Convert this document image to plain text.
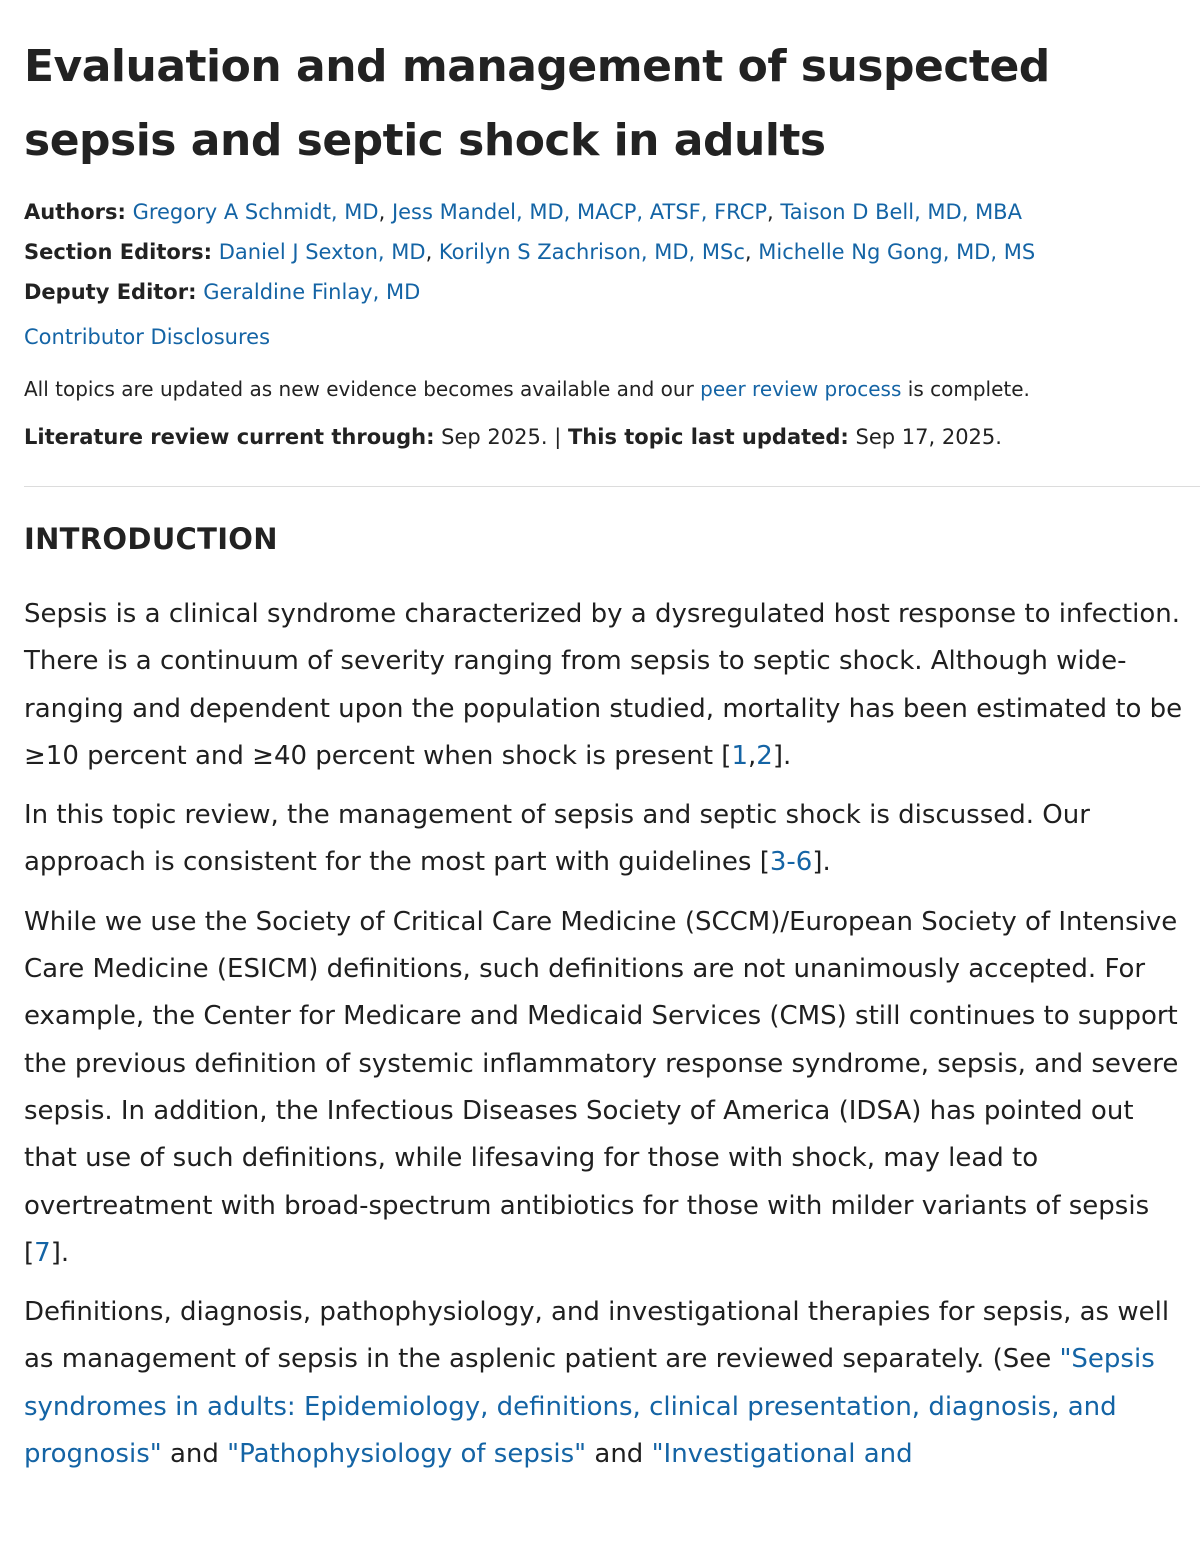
Evaluation and management of suspected sepsis and septic shock in adults
Authors: Gregory A Schmidt, MD, Jess Mandel, MD, MACP, ATSF, FRCP, Taison D Bell, MD, MBA
Section Editors: Daniel J Sexton, MD, Korilyn S Zachrison, MD, MSc, Michelle Ng Gong, MD, MS
Deputy Editor: Geraldine Finlay, MD
Contributor Disclosures
All topics are updated as new evidence becomes available and our peer review process is complete.
Literature review current through: Sep 2025. | This topic last updated: Sep 17, 2025.
INTRODUCTION

Sepsis is a clinical syndrome characterized by a dysregulated host response to infection. There is a continuum of severity ranging from sepsis to septic shock. Although wide-ranging and dependent upon the population studied, mortality has been estimated to be ≥10 percent and ≥40 percent when shock is present [1,2].

In this topic review, the management of sepsis and septic shock is discussed. Our approach is consistent for the most part with guidelines [3-6].

While we use the Society of Critical Care Medicine (SCCM)/European Society of Intensive Care Medicine (ESICM) definitions, such definitions are not unanimously accepted. For example, the Center for Medicare and Medicaid Services (CMS) still continues to support the previous definition of systemic inflammatory response syndrome, sepsis, and severe sepsis. In addition, the Infectious Diseases Society of America (IDSA) has pointed out that use of such definitions, while lifesaving for those with shock, may lead to overtreatment with broad-spectrum antibiotics for those with milder variants of sepsis [7].

Definitions, diagnosis, pathophysiology, and investigational therapies for sepsis, as well as management of sepsis in the asplenic patient are reviewed separately. (See "Sepsis syndromes in adults: Epidemiology, definitions, clinical presentation, diagnosis, and prognosis" and "Pathophysiology of sepsis" and "Investigational and
